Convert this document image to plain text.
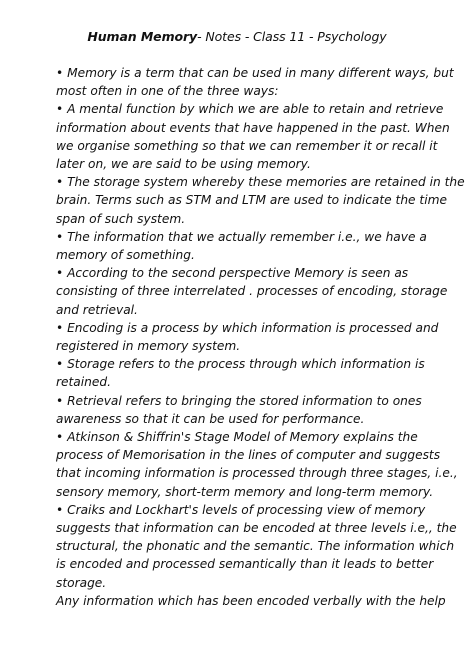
Human Memory- Notes - Class 11 - Psychology

• Memory is a term that can be used in many different ways, but
most often in one of the three ways:

• A mental function by which we are able to retain and retrieve
information about events that have happened in the past. When
we organise something so that we can remember it or recall it
later on, we are said to be using memory.

• The storage system whereby these memories are retained in the
brain. Terms such as STM and LTM are used to indicate the time
span of such system.

• The information that we actually remember i.e., we have a
memory of something.

• According to the second perspective Memory is seen as
consisting of three interrelated . processes of encoding, storage
and retrieval.

• Encoding is a process by which information is processed and
registered in memory system.

• Storage refers to the process through which information is
retained.

• Retrieval refers to bringing the stored information to ones
awareness so that it can be used for performance.

• Atkinson & Shiffrin's Stage Model of Memory explains the
process of Memorisation in the lines of computer and suggests
that incoming information is processed through three stages, i.e.,
sensory memory, short-term memory and long-term memory.

• Craiks and Lockhart's levels of processing view of memory
suggests that information can be encoded at three levels i.e,, the
structural, the phonatic and the semantic. The information which
is encoded and processed semantically than it leads to better
storage.

Any information which has been encoded verbally with the help
